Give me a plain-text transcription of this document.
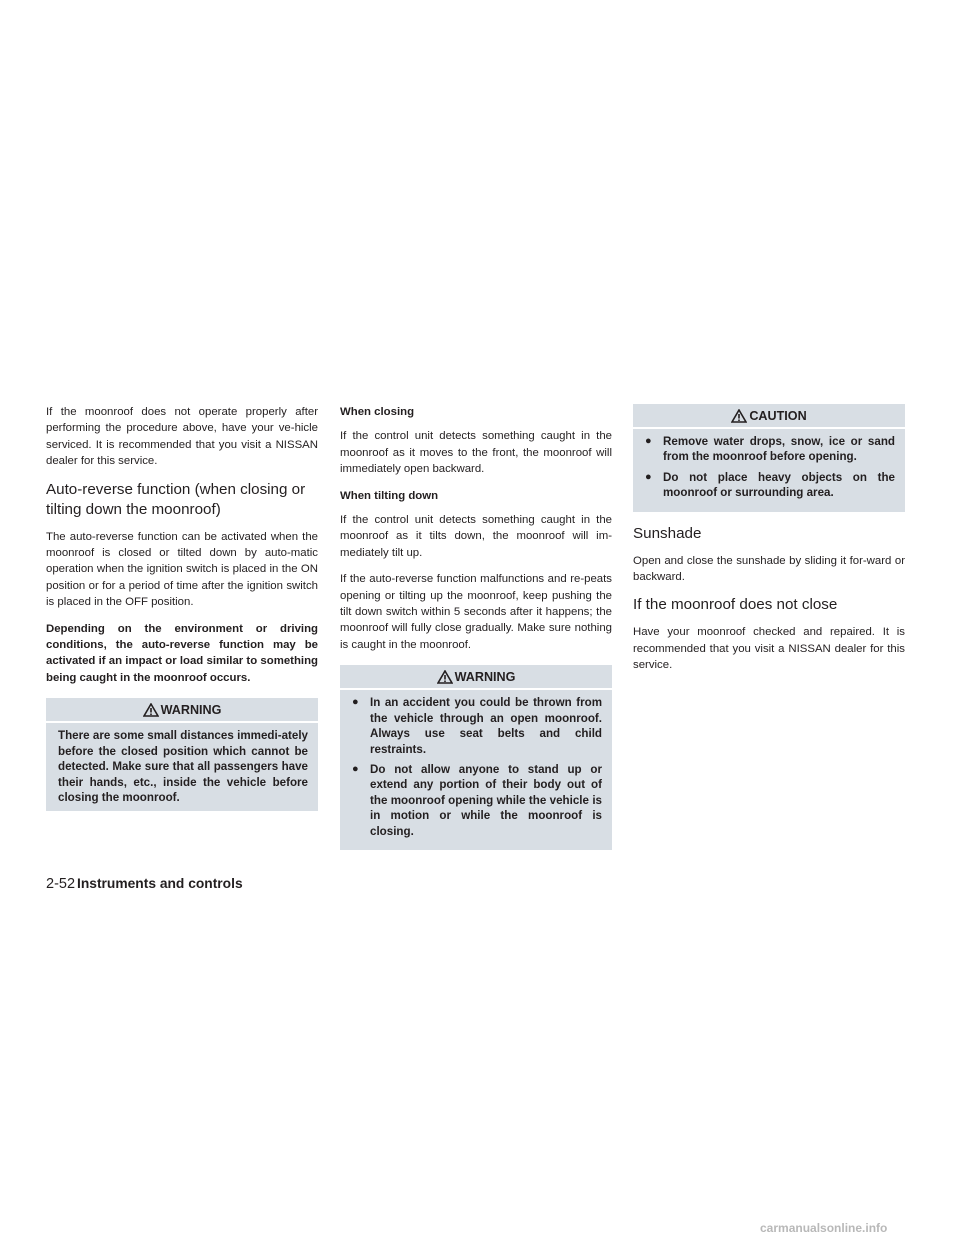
If the moonroof does not operate properly after performing the procedure above, have your ve-hicle serviced. It is recommended that you visit a NISSAN dealer for this service.

Auto-reverse function (when closing or tilting down the moonroof)

The auto-reverse function can be activated when the moonroof is closed or tilted down by auto-matic operation when the ignition switch is placed in the ON position or for a period of time after the ignition switch is placed in the OFF position.

Depending on the environment or driving conditions, the auto-reverse function may be activated if an impact or load similar to something being caught in the moonroof occurs.

WARNING
There are some small distances immedi-ately before the closed position which cannot be detected. Make sure that all passengers have their hands, etc., inside the vehicle before closing the moonroof.

When closing

If the control unit detects something caught in the moonroof as it moves to the front, the moonroof will immediately open backward.

When tilting down

If the control unit detects something caught in the moonroof as it tilts down, the moonroof will im-mediately tilt up.

If the auto-reverse function malfunctions and re-peats opening or tilting up the moonroof, keep pushing the tilt down switch within 5 seconds after it happens; the moonroof will fully close gradually. Make sure nothing is caught in the moonroof.

WARNING
● In an accident you could be thrown from the vehicle through an open moonroof. Always use seat belts and child restraints.
● Do not allow anyone to stand up or extend any portion of their body out of the moonroof opening while the vehicle is in motion or while the moonroof is closing.
CAUTION
● Remove water drops, snow, ice or sand from the moonroof before opening.
● Do not place heavy objects on the moonroof or surrounding area.
Sunshade

Open and close the sunshade by sliding it for-ward or backward.

If the moonroof does not close

Have your moonroof checked and repaired. It is recommended that you visit a NISSAN dealer for this service.

2-52 Instruments and controls
carmanualsonline.info
